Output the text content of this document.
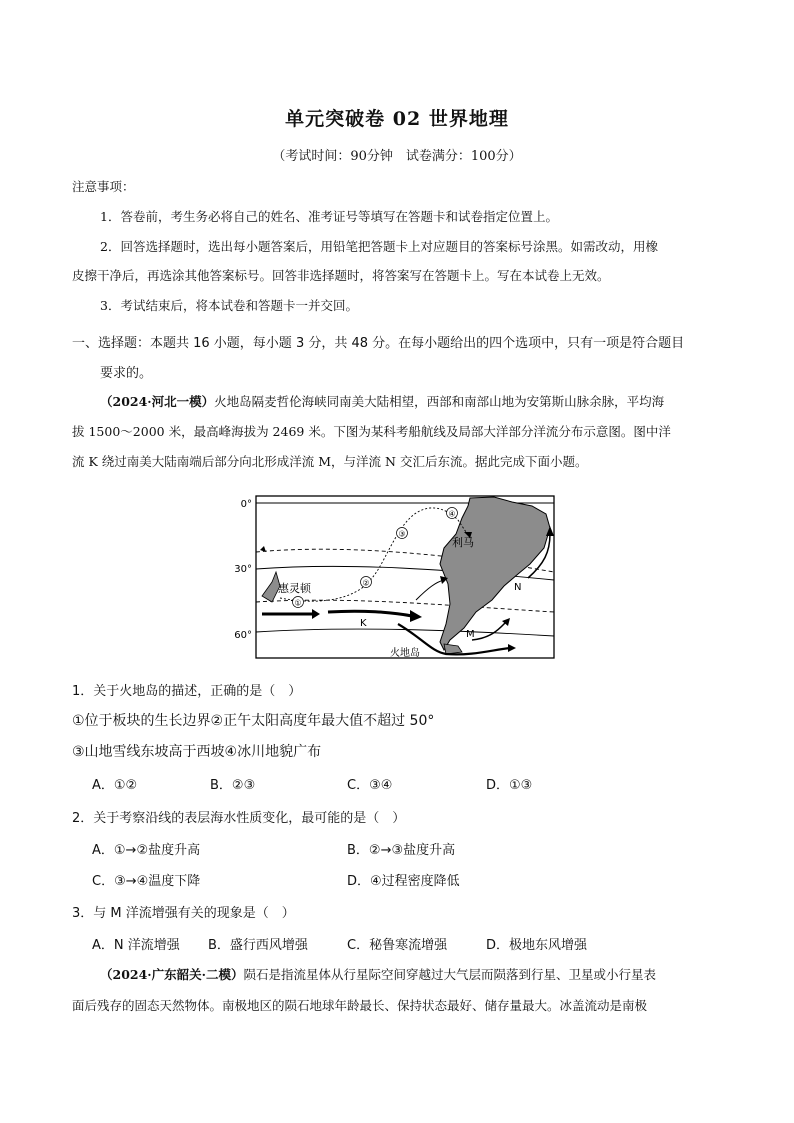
单元突破卷 02 世界地理
（考试时间：90分钟　试卷满分：100分）
注意事项：
1．答卷前，考生务必将自己的姓名、准考证号等填写在答题卡和试卷指定位置上。
2．回答选择题时，选出每小题答案后，用铅笔把答题卡上对应题目的答案标号涂黑。如需改动，用橡
皮擦干净后，再选涂其他答案标号。回答非选择题时，将答案写在答题卡上。写在本试卷上无效。
3．考试结束后，将本试卷和答题卡一并交回。
一、选择题：本题共 16 小题，每小题 3 分，共 48 分。在每小题给出的四个选项中，只有一项是符合题目
要求的。
（2024·河北一模）火地岛隔麦哲伦海峡同南美大陆相望，西部和南部山地为安第斯山脉余脉，平均海
拔 1500～2000 米，最高峰海拔为 2469 米。下图为某科考船航线及局部大洋部分洋流分布示意图。图中洋
流 K 绕过南美大陆南端后部分向北形成洋流 M，与洋流 N 交汇后东流。据此完成下面小题。
0°
30°
60°
①
②
③
④
K
M
N
利马
惠灵顿
火地岛
1．关于火地岛的描述，正确的是（　）
①位于板块的生长边界②正午太阳高度年最大值不超过 50°
③山地雪线东坡高于西坡④冰川地貌广布
A．①②	B．②③	C．③④	D．①③
2．关于考察沿线的表层海水性质变化，最可能的是（　）
A．①→②盐度升高	B．②→③盐度升高
C．③→④温度下降	D．④过程密度降低
3．与 M 洋流增强有关的现象是（　）
A．N 洋流增强 B．盛行西风增强	C．秘鲁寒流增强	D．极地东风增强
（2024·广东韶关·二模）陨石是指流星体从行星际空间穿越过大气层而陨落到行星、卫星或小行星表
面后残存的固态天然物体。南极地区的陨石地球年龄最长、保持状态最好、储存量最大。冰盖流动是南极
